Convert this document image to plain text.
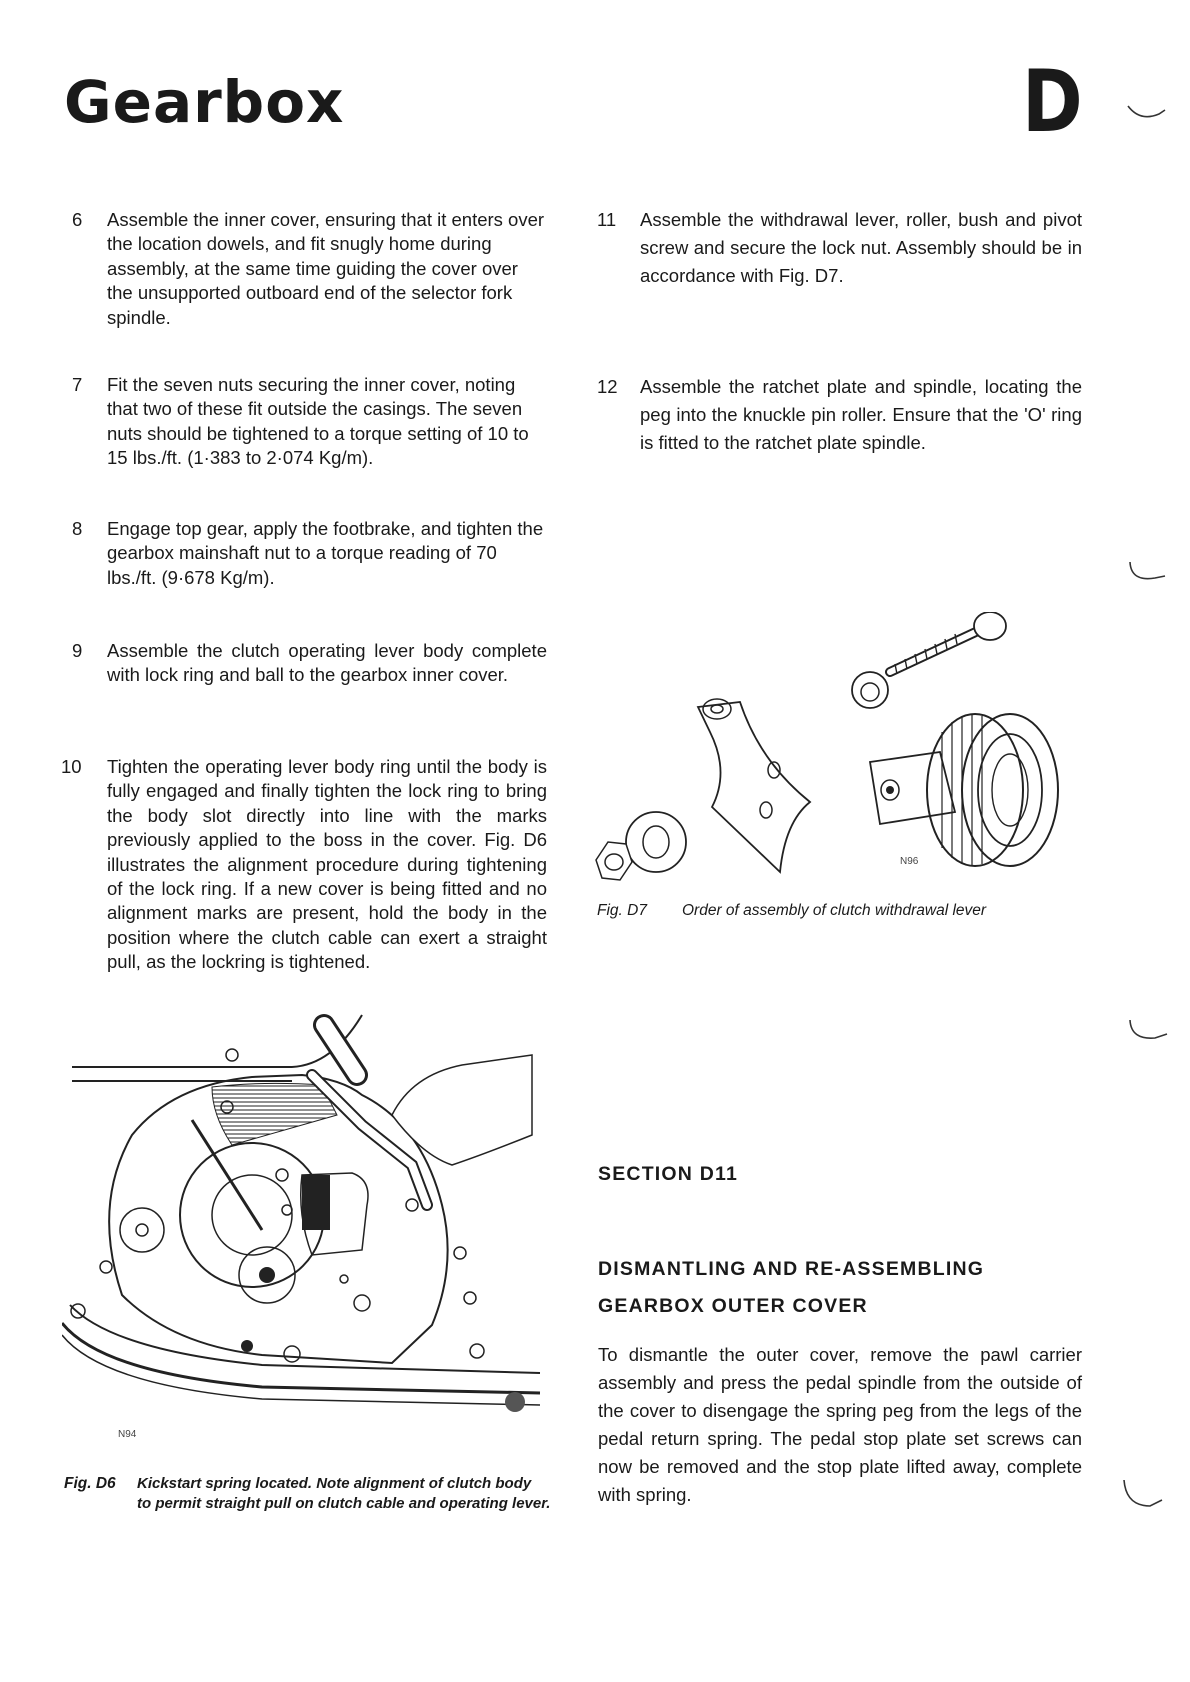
Gearbox	D
6 Assemble the inner cover, ensuring that it enters over the location dowels, and fit snugly home during assembly, at the same time guiding the cover over the unsupported outboard end of the selector fork spindle.
7 Fit the seven nuts securing the inner cover, noting that two of these fit outside the casings. The seven nuts should be tightened to a torque setting of 10 to 15 lbs./ft. (1·383 to 2·074 Kg/m).
8 Engage top gear, apply the footbrake, and tighten the gearbox mainshaft nut to a torque reading of 70 lbs./ft. (9·678 Kg/m).
9 Assemble the clutch operating lever body complete with lock ring and ball to the gearbox inner cover.
10 Tighten the operating lever body ring until the body is fully engaged and finally tighten the lock ring to bring the body slot directly into line with the marks previously applied to the boss in the cover. Fig. D6 illustrates the alignment procedure during tightening of the lock ring. If a new cover is being fitted and no alignment marks are present, hold the body in the position where the clutch cable can exert a straight pull, as the lockring is tightened.
N94
Fig. D6 Kickstart spring located. Note alignment of clutch body
to permit straight pull on clutch cable and operating lever.
11 Assemble the withdrawal lever, roller, bush and pivot screw and secure the lock nut. Assembly should be in accordance with Fig. D7.
12 Assemble the ratchet plate and spindle, locating the peg into the knuckle pin roller. Ensure that the 'O' ring is fitted to the ratchet plate spindle.
N96
Fig. D7 Order of assembly of clutch withdrawal lever
SECTION D11
DISMANTLING AND RE-ASSEMBLING
GEARBOX OUTER COVER
To dismantle the outer cover, remove the pawl carrier assembly and press the pedal spindle from the outside of the cover to disengage the spring peg from the legs of the pedal return spring. The pedal stop plate set screws can now be removed and the stop plate lifted away, complete with spring.
